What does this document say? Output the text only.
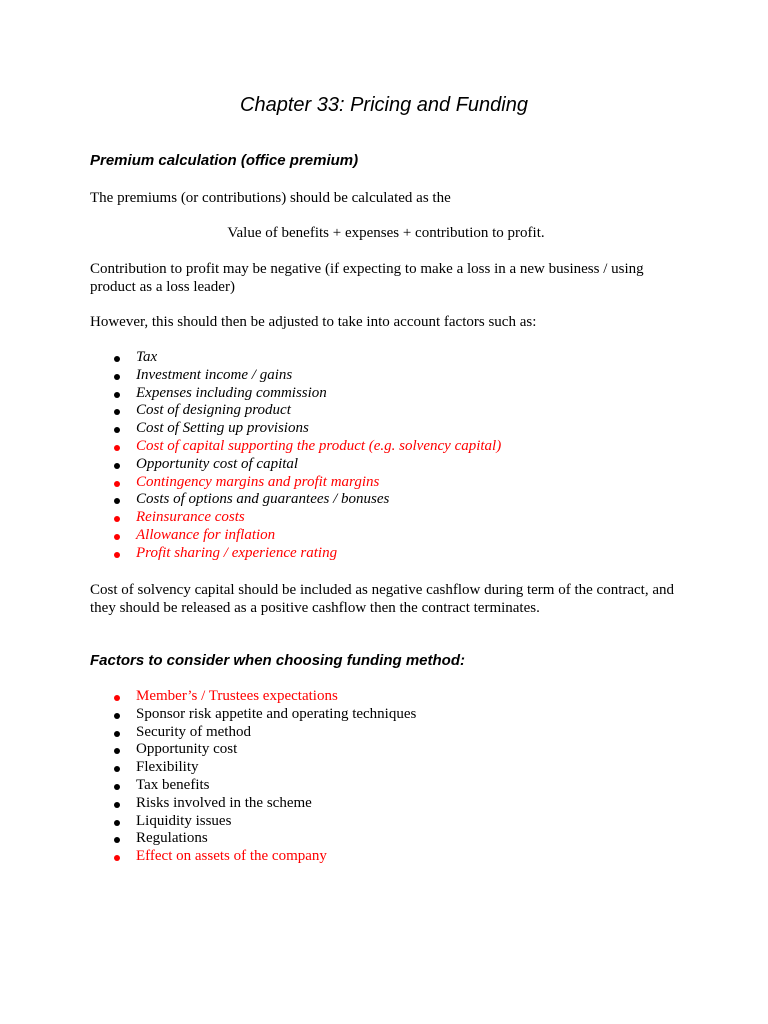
Chapter 33: Pricing and Funding
Premium calculation (office premium)

The premiums (or contributions) should be calculated as the

Value of benefits + expenses + contribution to profit.

Contribution to profit may be negative (if expecting to make a loss in a new business / using product as a loss leader)

However, this should then be adjusted to take into account factors such as:

Tax
Investment income / gains
Expenses including commission
Cost of designing product
Cost of Setting up provisions
Cost of capital supporting the product (e.g. solvency capital)
Opportunity cost of capital
Contingency margins and profit margins
Costs of options and guarantees / bonuses
Reinsurance costs
Allowance for inflation
Profit sharing / experience rating

Cost of solvency capital should be included as negative cashflow during term of the contract, and they should be released as a positive cashflow then the contract terminates.

Factors to consider when choosing funding method:
Member’s / Trustees expectations
Sponsor risk appetite and operating techniques
Security of method
Opportunity cost
Flexibility
Tax benefits
Risks involved in the scheme
Liquidity issues
Regulations
Effect on assets of the company
